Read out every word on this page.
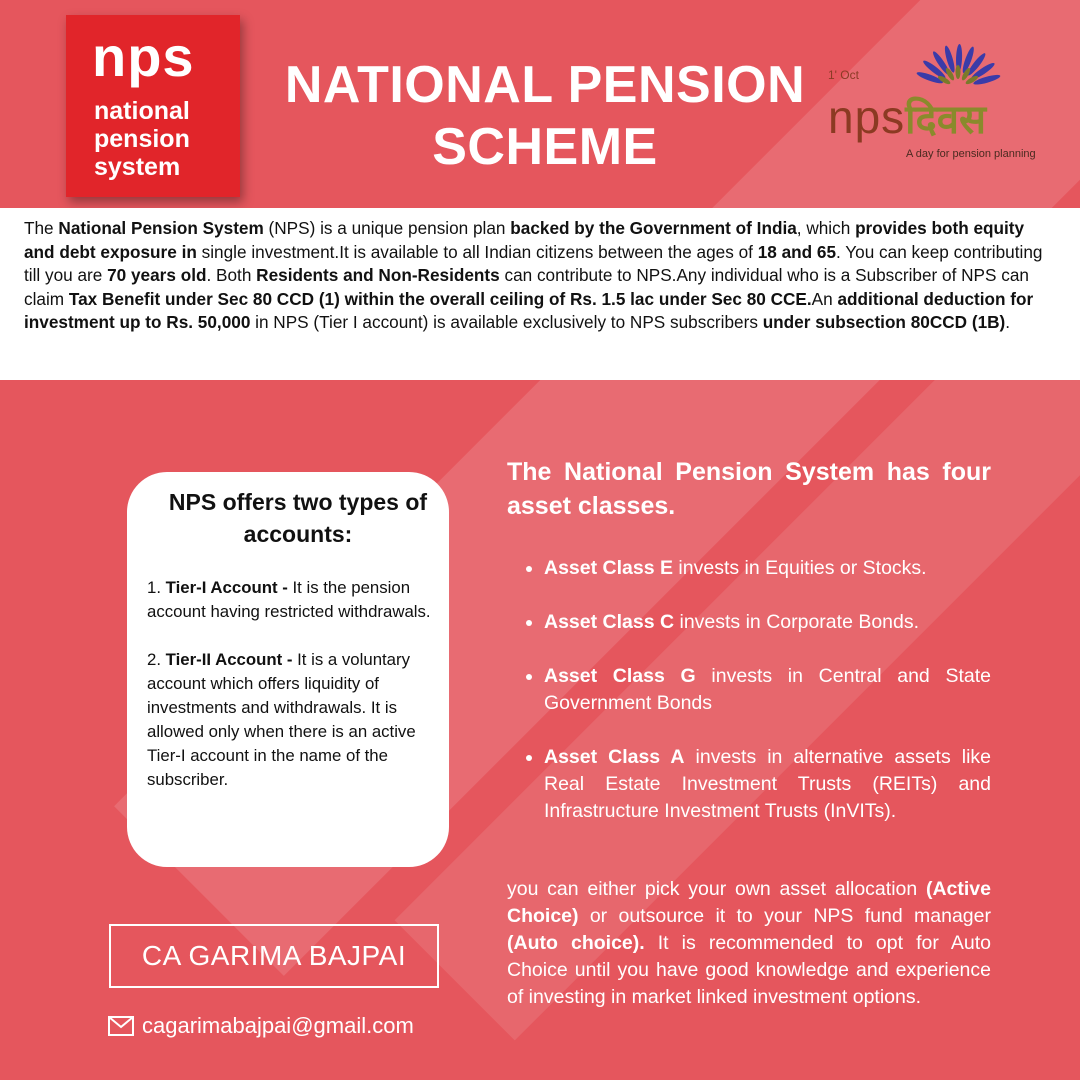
nps
national
pension
system
NATIONAL PENSION
SCHEME
1' Oct
npsदिवस
A day for pension planning
The National Pension System (NPS) is a unique pension plan backed by the Government of India, which provides both equity and debt exposure in single investment.It is available to all Indian citizens between the ages of 18 and 65. You can keep contributing till you are 70 years old. Both Residents and Non-Residents can contribute to NPS.Any individual who is a Subscriber of NPS can claim Tax Benefit under Sec 80 CCD (1) within the overall ceiling of Rs. 1.5 lac under Sec 80 CCE.An additional deduction for investment up to Rs. 50,000 in NPS (Tier I account) is available exclusively to NPS subscribers under subsection 80CCD (1B).
NPS offers two types of accounts:

1. Tier-I Account - It is the pension account having restricted withdrawals.

2. Tier-II Account - It is a voluntary account which offers liquidity of investments and withdrawals. It is allowed only when there is an active Tier-I account in the name of the subscriber.

CA GARIMA BAJPAI
cagarimabajpai@gmail.com
The National Pension System has four asset classes.
• Asset Class E invests in Equities or Stocks.
• Asset Class C invests in Corporate Bonds.
• Asset Class G invests in Central and State Government Bonds
• Asset Class A invests in alternative assets like Real Estate Investment Trusts (REITs) and Infrastructure Investment Trusts (InVITs).
you can either pick your own asset allocation (Active Choice) or outsource it to your NPS fund manager (Auto choice). It is recommended to opt for Auto Choice until you have good knowledge and experience of investing in market linked investment options.
